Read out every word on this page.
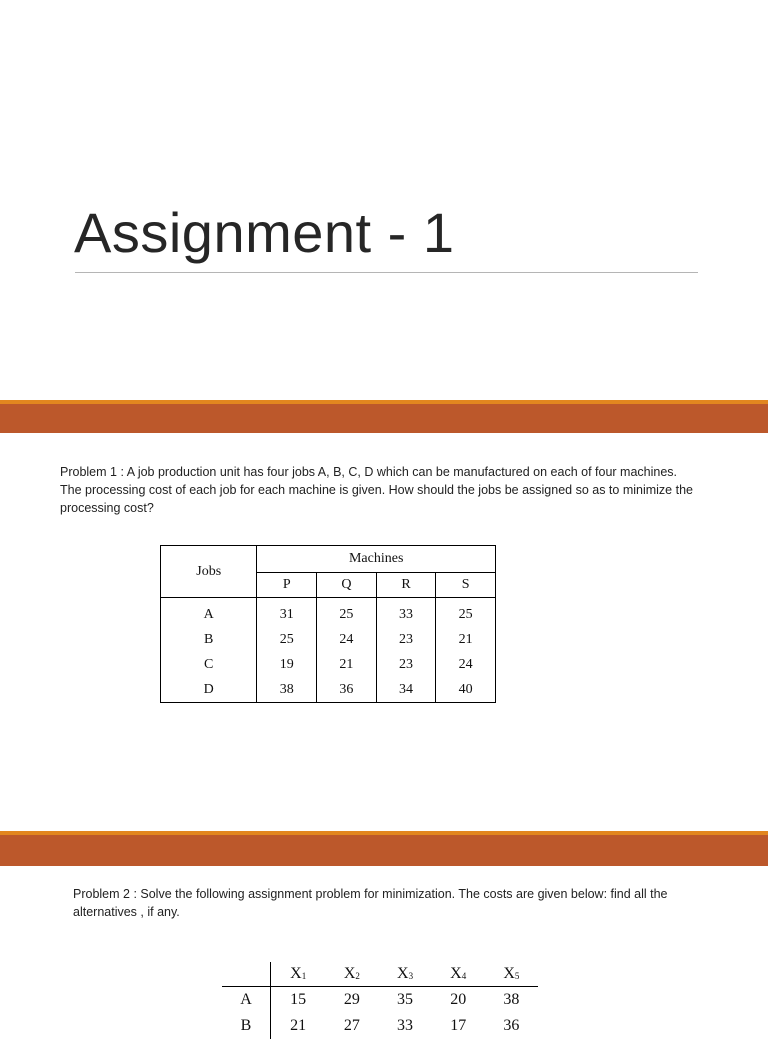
Assignment - 1
Problem 1 : A job production unit has four jobs A, B, C, D which can be manufactured on each of four machines. The processing cost of each job for each machine is given. How should the jobs be assigned so as to minimize the processing cost?
Jobs	Machines			
	P	Q	R	S
A	31	25	33	25
B	25	24	23	21
C	19	21	23	24
D	38	36	34	40
Problem 2 : Solve the following assignment problem for minimization. The costs are given below: find all the alternatives , if any.
	$X_1$	$X_2$	$X_3$	$X_4$	$X_5$
A	15	29	35	20	38
B	21	27	33	17	36
